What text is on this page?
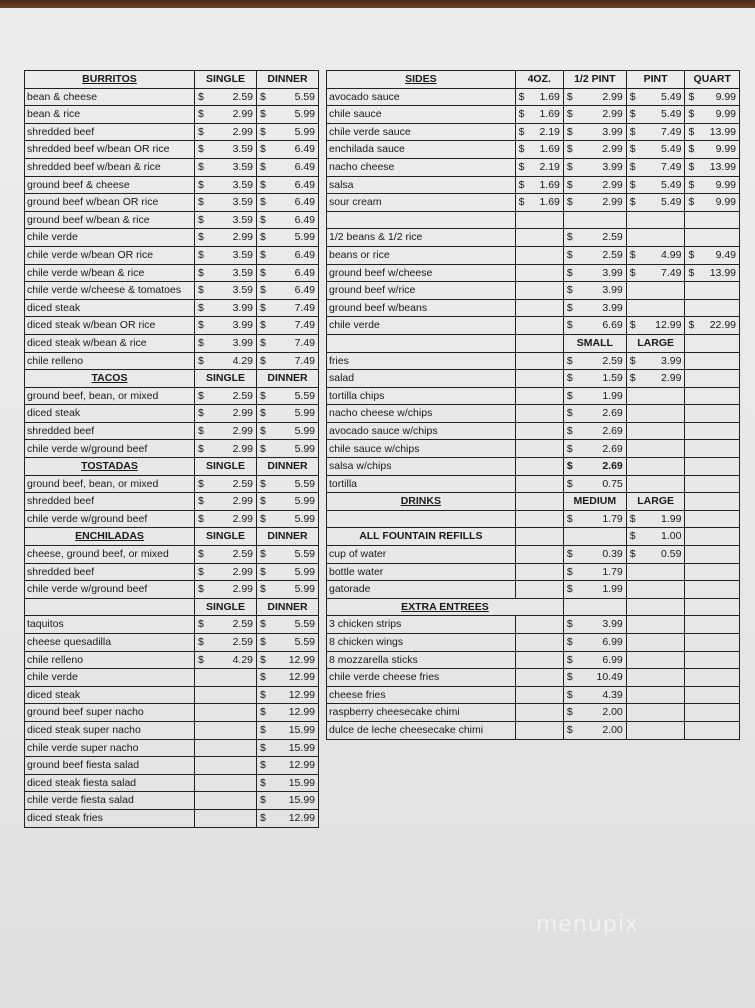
BURRITOS	SINGLE	DINNER
bean & cheese	$ 2.59	$ 5.59

bean & rice	$ 2.99	$ 5.99

shredded beef	$ 2.99	$ 5.99

shredded beef w/bean OR rice	$ 3.59	$ 6.49

shredded beef w/bean & rice	$ 3.59	$ 6.49

ground beef & cheese	$ 3.59	$ 6.49

ground beef w/bean OR rice	$ 3.59	$ 6.49

ground beef w/bean & rice	$ 3.59	$ 6.49

chile verde	$ 2.99	$ 5.99

chile verde w/bean OR rice	$ 3.59	$ 6.49

chile verde w/bean & rice	$ 3.59	$ 6.49

chile verde w/cheese & tomatoes	$ 3.59	$ 6.49

diced steak	$ 3.99	$ 7.49

diced steak w/bean OR rice	$ 3.99	$ 7.49

diced steak w/bean & rice	$ 3.99	$ 7.49

chile relleno	$ 4.29	$ 7.49

TACOS	SINGLE	DINNER
ground beef, bean, or mixed	$ 2.59	$ 5.59

diced steak	$ 2.99	$ 5.99

shredded beef	$ 2.99	$ 5.99

chile verde w/ground beef	$ 2.99	$ 5.99

TOSTADAS	SINGLE	DINNER
ground beef, bean, or mixed	$ 2.59	$ 5.59

shredded beef	$ 2.99	$ 5.99

chile verde w/ground beef	$ 2.99	$ 5.99

ENCHILADAS	SINGLE	DINNER
cheese, ground beef, or mixed	$ 2.59	$ 5.59

shredded beef	$ 2.99	$ 5.99

chile verde w/ground beef	$ 2.99	$ 5.99

	SINGLE	DINNER
taquitos	$ 2.59	$ 5.59

cheese quesadilla	$ 2.59	$ 5.59

chile relleno	$ 4.29	$ 12.99

chile verde		$ 12.99

diced steak		$ 12.99

ground beef super nacho		$ 12.99

diced steak super nacho		$ 15.99

chile verde super nacho		$ 15.99

ground beef fiesta salad		$ 12.99

diced steak fiesta salad		$ 15.99

chile verde fiesta salad		$ 15.99

diced steak fries		$ 12.99
SIDES	4OZ.	1/2 PINT	PINT	QUART
avocado sauce	$ 1.69	$ 2.99	$ 5.49	$ 9.99

chile sauce	$ 1.69	$ 2.99	$ 5.49	$ 9.99

chile verde sauce	$ 2.19	$ 3.99	$ 7.49	$ 13.99

enchilada sauce	$ 1.69	$ 2.99	$ 5.49	$ 9.99

nacho cheese	$ 2.19	$ 3.99	$ 7.49	$ 13.99

salsa	$ 1.69	$ 2.99	$ 5.49	$ 9.99

sour cream	$ 1.69	$ 2.99	$ 5.49	$ 9.99

1/2 beans & 1/2 rice		$ 2.59		

beans or rice		$ 2.59	$ 4.99	$ 9.49

ground beef w/cheese		$ 3.99	$ 7.49	$ 13.99

ground beef w/rice		$ 3.99		

ground beef w/beans		$ 3.99		

chile verde		$ 6.69	$ 12.99	$ 22.99

		SMALL	LARGE	
fries		$ 2.59	$ 3.99	

salad		$ 1.59	$ 2.99	

tortilla chips		$ 1.99		

nacho cheese w/chips		$ 2.69		

avocado sauce w/chips		$ 2.69		

chile sauce w/chips		$ 2.69		

salsa w/chips		$ 2.69		

tortilla		$ 0.75		

DRINKS		MEDIUM	LARGE	

		$ 1.79	$ 1.99	

ALL FOUNTAIN REFILLS			$ 1.00	

cup of water		$ 0.39	$ 0.59	

bottle water		$ 1.79		

gatorade		$ 1.99		

EXTRA ENTREES				
3 chicken strips		$ 3.99		

8 chicken wings		$ 6.99		

8 mozzarella sticks		$ 6.99		

chile verde cheese fries		$ 10.49		

cheese fries		$ 4.39		

raspberry cheesecake chimi		$ 2.00		

dulce de leche cheesecake chimi		$ 2.00		

menupix
